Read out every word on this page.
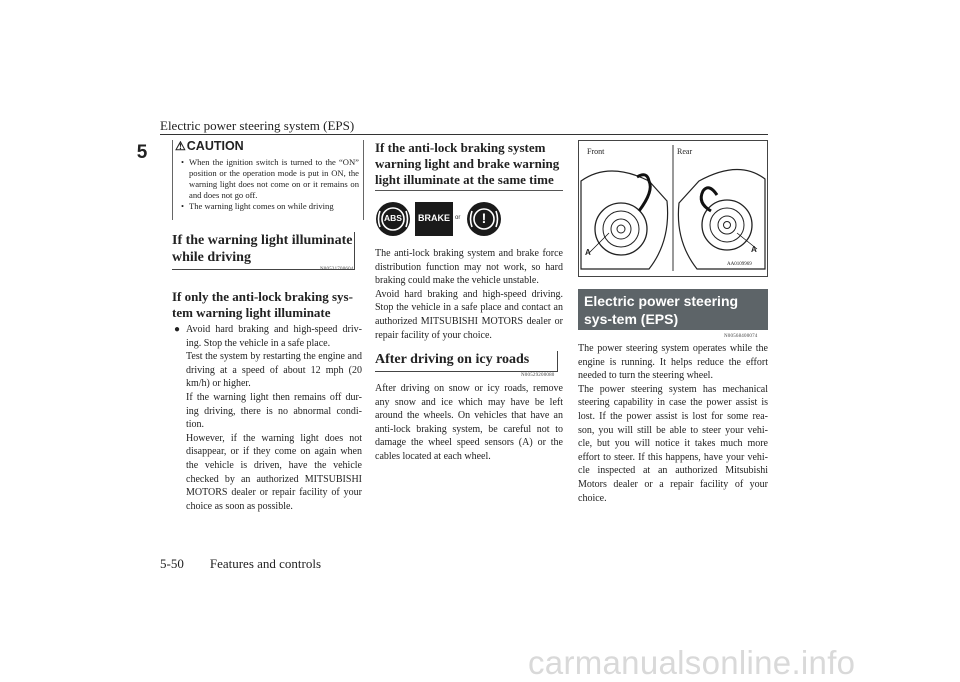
Electric power steering system (EPS)
5	⚠CAUTION
• When the ignition switch is turned to the “ON” position or the operation mode is put in ON, the warning light does not come on or it remains on and does not go off.
• The warning light comes on while driving
If the warning light illuminate while driving
N00531700604
If only the anti-lock braking sys-tem warning light illuminate
● Avoid hard braking and high-speed driv-ing. Stop the vehicle in a safe place.
Test the system by restarting the engine and driving at a speed of about 12 mph (20 km/h) or higher.
If the warning light then remains off dur-ing driving, there is no abnormal condi-tion.
However, if the warning light does not disappear, or if they come on again when the vehicle is driven, have the vehicle checked by an authorized MITSUBISHI MOTORS dealer or repair facility of your choice as soon as possible.
If the anti-lock braking system warning light and brake warning light illuminate at the same time
ABS	BRAKE or	!
The anti-lock braking system and brake force distribution function may not work, so hard braking could make the vehicle unstable.
Avoid hard braking and high-speed driving. Stop the vehicle in a safe place and contact an authorized MITSUBISHI MOTORS dealer or repair facility of your choice.
After driving on icy roads
N00529200080
After driving on snow or icy roads, remove any snow and ice which may have be left around the wheels. On vehicles that have an anti-lock braking system, be careful not to damage the wheel speed sensors (A) or the cables located at each wheel.
Front	Rear
A	A
AA0109969
Electric power steering sys-tem (EPS)
N00568400074
The power steering system operates while the engine is running. It helps reduce the effort needed to turn the steering wheel.
The power steering system has mechanical steering capability in case the power assist is lost. If the power assist is lost for some rea-son, you will still be able to steer your vehi-cle, but you will notice it takes much more effort to steer. If this happens, have your vehi-cle inspected at an authorized Mitsubishi Motors dealer or a repair facility of your choice.
5-50 Features and controls
carmanualsonline.info
